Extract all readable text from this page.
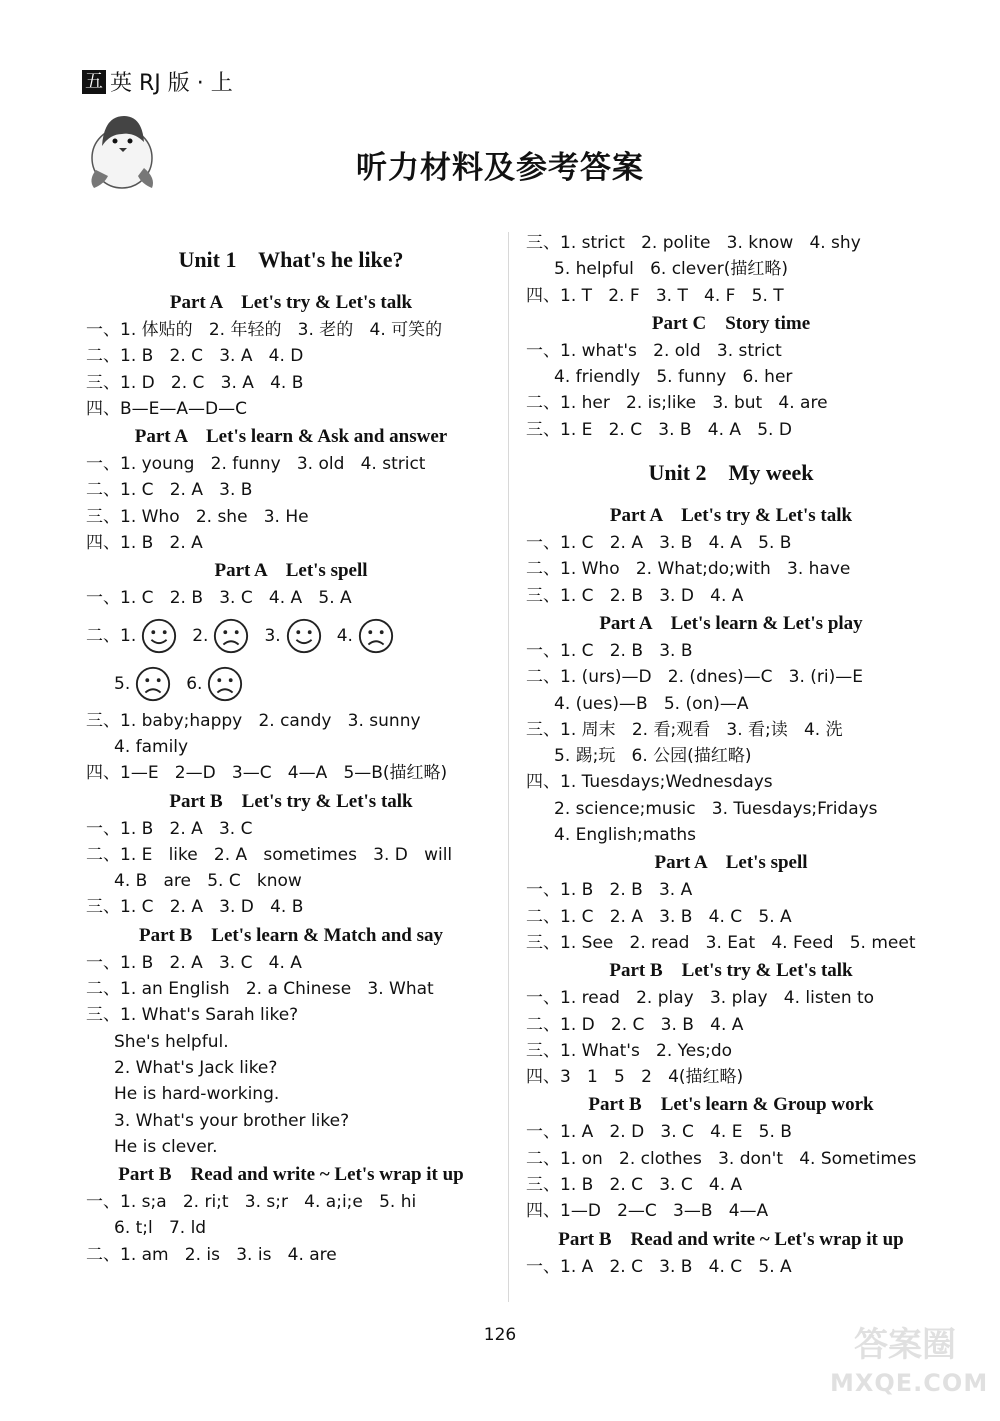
五 英 RJ 版 · 上
听力材料及参考答案
Unit 1    What's he like?
Part A    Let's try & Let's talk
一、1. 体贴的   2. 年轻的   3. 老的   4. 可笑的
二、1. B   2. C   3. A   4. D
三、1. D   2. C   3. A   4. B
四、B—E—A—D—C
Part A    Let's learn & Ask and answer
一、1. young   2. funny   3. old   4. strict
二、1. C   2. A   3. B
三、1. Who   2. she   3. He
四、1. B   2. A
Part A    Let's spell
一、1. C   2. B   3. C   4. A   5. A
二、 1.	2.	3.	4.
5.	6.
三、1. baby;happy   2. candy   3. sunny
4. family
四、1—E   2—D   3—C   4—A   5—B(描红略)
Part B    Let's try & Let's talk
一、1. B   2. A   3. C
二、1. E   like   2. A   sometimes   3. D   will
4. B   are   5. C   know
三、1. C   2. A   3. D   4. B
Part B    Let's learn & Match and say
一、1. B   2. A   3. C   4. A
二、1. an English   2. a Chinese   3. What
三、1. What's Sarah like?
She's helpful.
2. What's Jack like?
He is hard-working.
3. What's your brother like?
He is clever.
Part B    Read and write ~ Let's wrap it up
一、1. s;a   2. ri;t   3. s;r   4. a;i;e   5. hi
6. t;l   7. ld
二、1. am   2. is   3. is   4. are
三、1. strict   2. polite   3. know   4. shy
5. helpful   6. clever(描红略)
四、1. T   2. F   3. T   4. F   5. T
Part C    Story time
一、1. what's   2. old   3. strict
4. friendly   5. funny   6. her
二、1. her   2. is;like   3. but   4. are
三、1. E   2. C   3. B   4. A   5. D
Unit 2    My week
Part A    Let's try & Let's talk
一、1. C   2. A   3. B   4. A   5. B
二、1. Who   2. What;do;with   3. have
三、1. C   2. B   3. D   4. A
Part A    Let's learn & Let's play
一、1. C   2. B   3. B
二、1. (urs)—D   2. (dnes)—C   3. (ri)—E
4. (ues)—B   5. (on)—A
三、1. 周末   2. 看;观看   3. 看;读   4. 洗
5. 踢;玩   6. 公园(描红略)
四、1. Tuesdays;Wednesdays
2. science;music   3. Tuesdays;Fridays
4. English;maths
Part A    Let's spell
一、1. B   2. B   3. A
二、1. C   2. A   3. B   4. C   5. A
三、1. See   2. read   3. Eat   4. Feed   5. meet
Part B    Let's try & Let's talk
一、1. read   2. play   3. play   4. listen to
二、1. D   2. C   3. B   4. A
三、1. What's   2. Yes;do
四、3   1   5   2   4(描红略)
Part B    Let's learn & Group work
一、1. A   2. D   3. C   4. E   5. B
二、1. on   2. clothes   3. don't   4. Sometimes
三、1. B   2. C   3. C   4. A
四、1—D   2—C   3—B   4—A
Part B    Read and write ~ Let's wrap it up
一、1. A   2. C   3. B   4. C   5. A
126	答案圈
MXQE.COM
